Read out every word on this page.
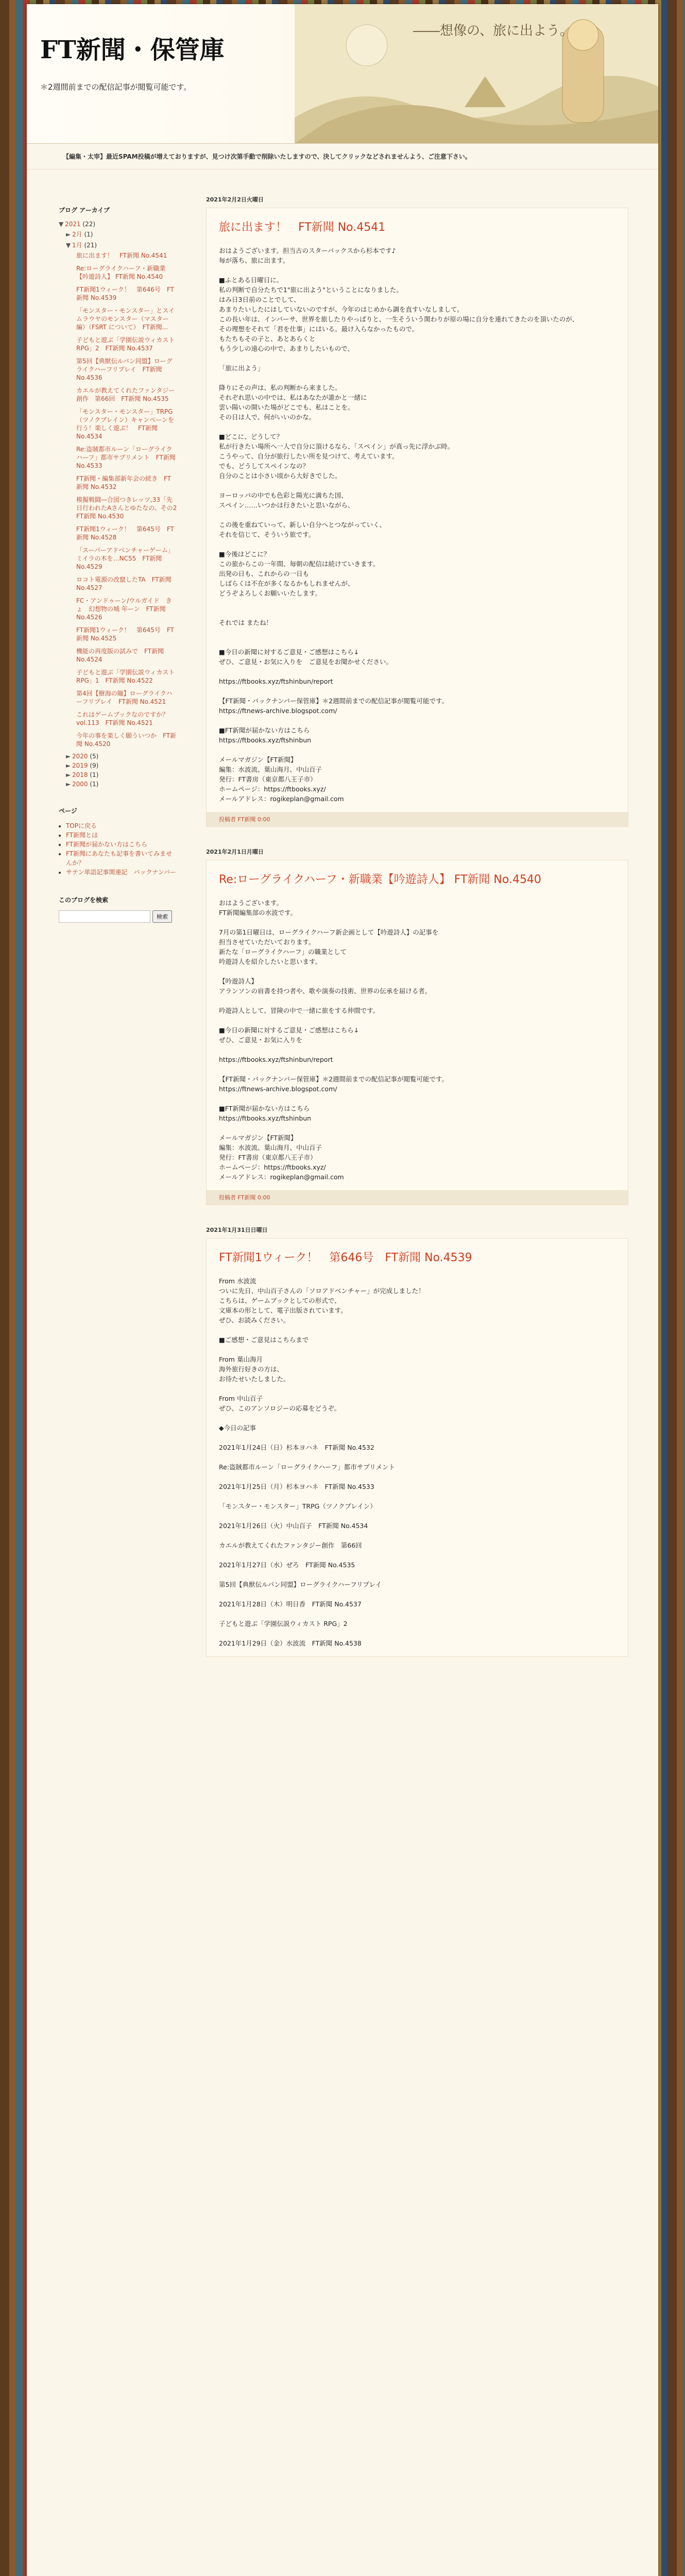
FT新聞・保管庫
＊2週間前までの配信記事が閲覧可能です。
――想像の、旅に出よう。
【編集・太宰】最近SPAM投稿が増えておりますが、見つけ次第手動で削除いたしますので、決してクリックなどされませんよう、ご注意下さい。
ブログ アーカイブ
▼ 2021 (22)
► 2月 (1)
▼ 1月 (21)
旅に出ます！　FT新聞 No.4541
Re:ローグライクハーフ・新職業【吟遊詩人】 FT新聞 No.4540
FT新聞1ウィーク！　第646号　FT新聞 No.4539
「モンスター・モンスター」とスイムラウヤのモンスター（マスター編）（FSRT について）　FT新聞...
子どもと遊ぶ「学園伝説ウィカスト RPG」2　FT新聞 No.4537
第5回【典獣伝ルパン同盟】ローグライクハーフリプレイ　FT新聞 No.4536
カエルが教えてくれたファンタジー創作　第66回　FT新聞 No.4535
「モンスター・モンスター」TRPG（ツノクブレイン）キャンペーンを行う！楽しく遊ぶ！　FT新聞 No.4534
Re:盗賊都市ルーン「ローグライクハーフ」都市サプリメント　FT新聞 No.4533
FT新聞・編集部新年会の続き　FT新聞 No.4532
模擬戦闘—合図つきレッツ,33「先日行われたAさんとゆたなの、その2　FT新聞 No.4530
FT新聞1ウィーク！　第645号　FT新聞 No.4528
「スーパーアドベンチャーゲーム」ミイラの木を…NC55　FT新聞 No.4529
ロコト電源の改竄したTA　FT新聞 No.4527
FC・アンドゥーン/ウルガイド　きょ　幻想物の城 年ーン　FT新聞 No.4526
FT新聞1ウィーク！　第645号　FT新聞 No.4525
機能の再度版の試みで　FT新聞 No.4524
子どもと遊ぶ「学園伝説ウィカスト RPG」1　FT新聞 No.4522
第4回【樹海の瞳】ローグライクハーフリプレイ　FT新聞 No.4521
これはゲームブックなのですか？　vol.113　FT新聞 No.4521
今年の事を楽しく願ういつか　FT新聞 No.4520
► 2020 (5)
► 2019 (9)
► 2018 (1)
► 2000 (1)
ページ
• TOPに戻る
• FT新聞とは
• FT新聞が届かない方はこちら
• FT新聞にあなたも記事を書いてみませんか？
• サテン単語記事関連記　バックナンバー
このブログを検索
検索
2021年2月2日火曜日
旅に出ます！　FT新聞 No.4541
おはようございます。担当古のスターバックスから杉本です♪
毎が落ち、旅に出ます。

■ふとある日曜日に。
私の判断で自分たちで1"旅に出よう"ということになりました。
はみ日3日前のことでして、
あまりたいしたにはしていないのですが、今年のはじめから調を直すいなしまして。
この長い年は、インバーサ、世界を旅したりやっぱりと、一生そういう関わりが原の場に自分を連れてきたのを頂いたのが、
その理想をそれて「君を仕事」にはいる。最け入らなかったもので。
もたちもその子と、あとあらくと
もう少しの遠心の中で、あまりしたいもので、

「旅に出よう」

降りにその声は、私の判断から来ました。
それぞれ思いの中では、私はあなたが誰かと一緒に
雲い陽いの開いた場がどこでも、私はことを。
その日は人で、何がいいのかな。

■どこに、どうして？
私が行きたい場所へ一人で自分に頂けるなら、「スペイン」が真っ先に浮かぶ時。
こうやって、自分が旅行したい所を見つけて、考えています。
でも、どうしてスペインなの？
自分のことは小さい頃から大好きでした。

ヨーロッパの中でも色彩と陽光に満ちた国、
スペイン……いつかは行きたいと思いながら、

この後を重ねていって、新しい自分へとつながっていく、
それを信じて、そういう旅です。

■今後はどこに？
この旅からこの一年間、毎朝の配信は続けていきます。
出発の日も、これからの一日も
しばらくは不在が多くなるかもしれませんが、
どうぞよろしくお願いいたします。

それでは またね！

■今日の新聞に対するご意見・ご感想はこちら↓
ぜひ、ご意見・お気に入りを　ご意見をお聞かせください。

https://ftbooks.xyz/ftshinbun/report

【FT新聞・バックナンバー保管庫】＊2週間前までの配信記事が閲覧可能です。
https://ftnews-archive.blogspot.com/

■FT新聞が届かない方はこちら
https://ftbooks.xyz/ftshinbun

メールマガジン【FT新聞】
編集：水波流、葉山海月、中山百子
発行：FT書房（東京都八王子市）
ホームページ：https://ftbooks.xyz/
メールアドレス：rogikeplan@gmail.com
投稿者 FT新聞 0:00
2021年2月1日月曜日
Re:ローグライクハーフ・新職業【吟遊詩人】 FT新聞 No.4540
おはようございます。
FT新聞編集部の水波です。

7月の第1日曜日は、ローグライクハーフ新企画として【吟遊詩人】の記事を
担当させていただいております。
新たな「ローグライクハーフ」の職業として
吟遊詩人を紹介したいと思います。

【吟遊詩人】
アランソンの肩書を持つ者や、歌や演奏の技術、世界の伝承を届ける者。

吟遊詩人として、冒険の中で一緒に旅をする仲間です。

■今日の新聞に対するご意見・ご感想はこちら↓
ぜひ、ご意見・お気に入りを

https://ftbooks.xyz/ftshinbun/report

【FT新聞・バックナンバー保管庫】＊2週間前までの配信記事が閲覧可能です。
https://ftnews-archive.blogspot.com/

■FT新聞が届かない方はこちら
https://ftbooks.xyz/ftshinbun

メールマガジン【FT新聞】
編集：水波流、葉山海月、中山百子
発行：FT書房（東京都八王子市）
ホームページ：https://ftbooks.xyz/
メールアドレス：rogikeplan@gmail.com
投稿者 FT新聞 0:00
2021年1月31日日曜日
FT新聞1ウィーク！　第646号　FT新聞 No.4539
From 水波流
ついに先日、中山百子さんの「ソロアドベンチャー」が完成しました！
こちらは、ゲームブックとしての形式で、
文庫本の形として、電子出版されています。
ぜひ、お読みください。

■ご感想・ご意見はこちらまで

From 葉山海月
海外旅行好きの方は、
お待たせいたしました。

From 中山百子
ぜひ、このアンソロジーの応募をどうぞ。

◆今日の記事

2021年1月24日（日）杉本ヨハネ　FT新聞 No.4532

Re:盗賊都市ルーン「ローグライクハーフ」都市サプリメント

2021年1月25日（月）杉本ヨハネ　FT新聞 No.4533

「モンスター・モンスター」TRPG（ツノクブレイン）

2021年1月26日（火）中山百子　FT新聞 No.4534

カエルが教えてくれたファンタジー創作　第66回

2021年1月27日（水）ぜろ　FT新聞 No.4535

第5回【典獣伝ルパン同盟】ローグライクハーフリプレイ

2021年1月28日（木）明日香　FT新聞 No.4537

子どもと遊ぶ「学園伝説ウィカスト RPG」2

2021年1月29日（金）水波流　FT新聞 No.4538
